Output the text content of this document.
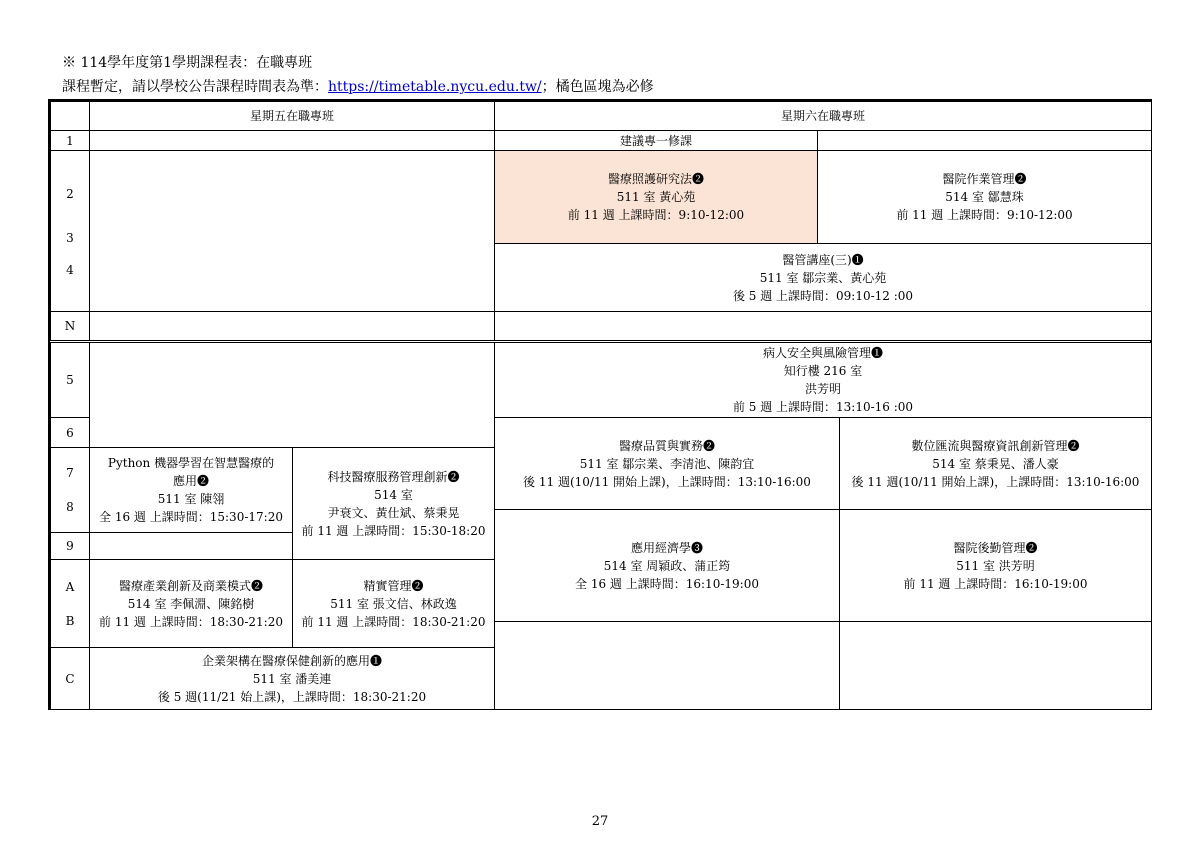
※ 114學年度第1學期課程表：在職專班
課程暫定，請以學校公告課程時間表為準：https://timetable.nycu.edu.tw/；橘色區塊為必修
星期五在職專班	星期六在職專班
1
2
3
4
N
5
6
7
8
9
A
B
C
Python 機器學習在智慧醫療的
應用❷
511 室 陳翎
全 16 週 上課時間：15:30-17:20
科技醫療服務管理創新❷
514 室
尹衰文、黃仕斌、蔡秉晃
前 11 週 上課時間：15:30-18:20
醫療產業創新及商業模式❷
514 室 李佩淵、陳銘樹
前 11 週 上課時間：18:30-21:20
精實管理❷
511 室 張文信、林政逸
前 11 週 上課時間：18:30-21:20
企業架構在醫療保健創新的應用❶
511 室 潘美連
後 5 週(11/21 始上課)，上課時間：18:30-21:20
建議專一修課
醫療照護研究法❷
511 室 黃心苑
前 11 週 上課時間：9:10-12:00
醫院作業管理❷
514 室 鄒慧珠
前 11 週 上課時間：9:10-12:00
醫管講座(三)❶
511 室 鄒宗業、黃心苑
後 5 週 上課時間：09:10-12 :00
病人安全與風險管理❶
知行樓 216 室
洪芳明
前 5 週 上課時間：13:10-16 :00
醫療品質與實務❷
511 室 鄒宗業、李清池、陳韵宜
後 11 週(10/11 開始上課)，上課時間：13:10-16:00
數位匯流與醫療資訊創新管理❷
514 室 蔡秉晃、潘人豪
後 11 週(10/11 開始上課)，上課時間：13:10-16:00
應用經濟學❸
514 室 周穎政、蒲正筠
全 16 週 上課時間：16:10-19:00
醫院後勤管理❷
511 室 洪芳明
前 11 週 上課時間：16:10-19:00
27
